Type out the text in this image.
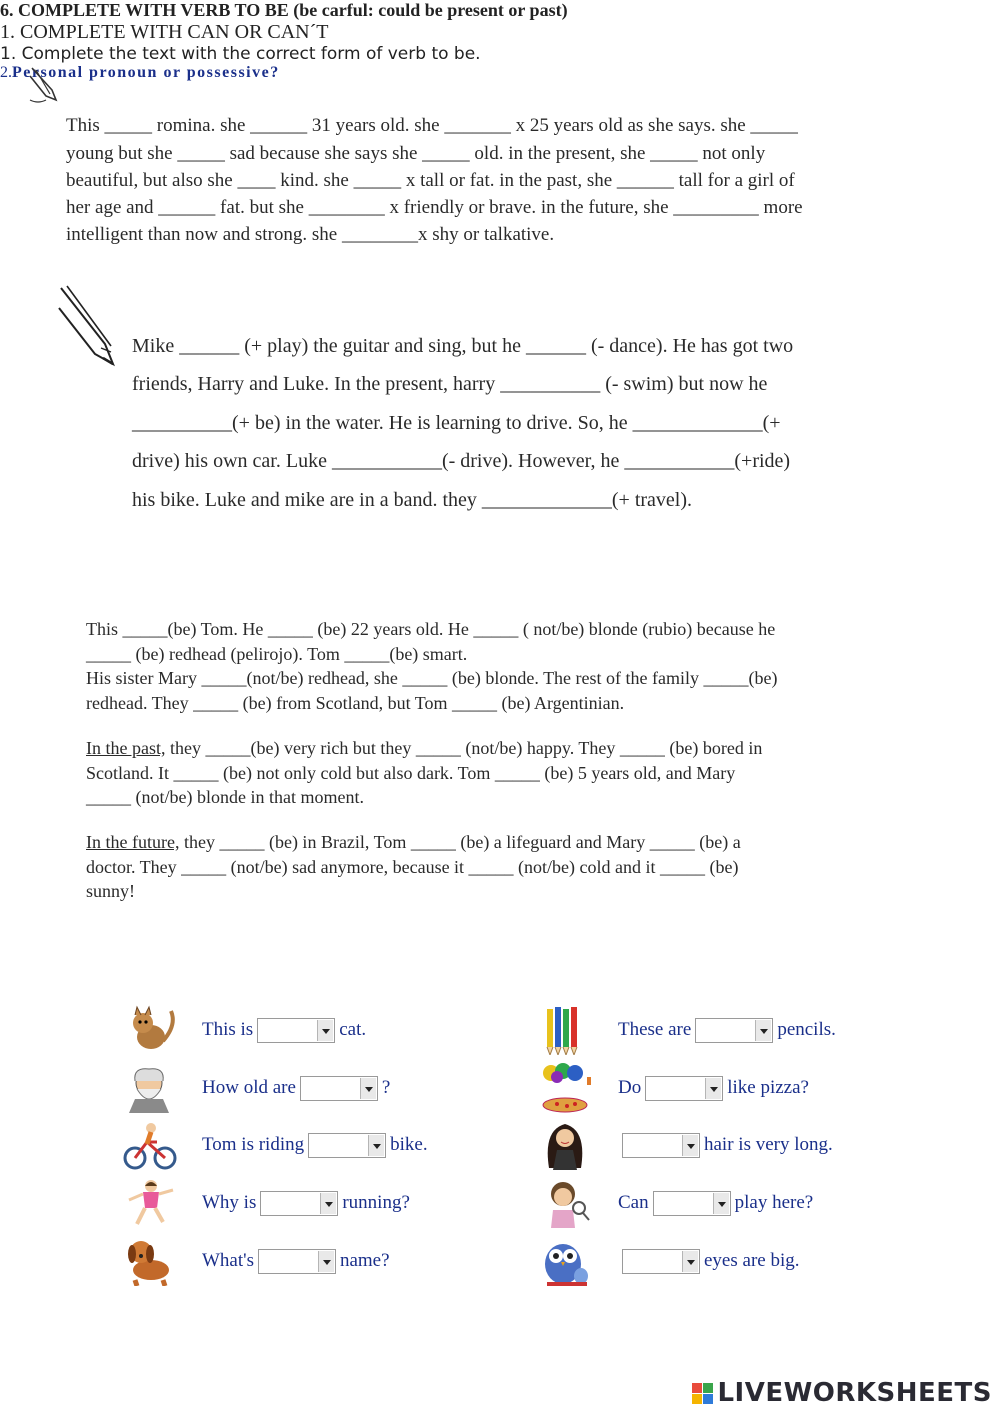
6. COMPLETE WITH VERB TO BE (be carful: could be present or past)
This _____ romina. she ______ 31 years old. she _______ x 25 years old as she says. she _____
young but she _____ sad because she says she _____ old. in the present, she _____ not only
beautiful, but also she ____ kind. she _____ x tall or fat. in the past, she ______ tall for a girl of
her age and ______ fat. but she ________ x friendly or brave. in the future, she _________ more
intelligent than now and strong. she ________x shy or talkative.
1. COMPLETE WITH CAN OR CAN´T
Mike ______ (+ play) the guitar and sing, but he ______ (- dance). He has got two
friends, Harry and Luke. In the present, harry __________ (- swim) but now he
__________(+ be) in the water. He is learning to drive. So, he _____________(+
drive) his own car. Luke ___________(- drive). However, he ___________(+ride)
his bike. Luke and mike are in a band. they _____________(+ travel).
1. Complete the text with the correct form of verb to be.
This _____(be) Tom. He _____ (be) 22 years old. He _____ ( not/be) blonde (rubio) because he
_____ (be) redhead (pelirojo). Tom _____(be) smart.
His sister Mary _____(not/be) redhead, she _____ (be) blonde. The rest of the family _____(be)
redhead. They _____ (be) from Scotland, but Tom _____ (be) Argentinian.
In the past, they _____(be) very rich but they _____ (not/be) happy. They _____ (be) bored in
Scotland. It _____ (be) not only cold but also dark. Tom _____ (be) 5 years old, and Mary
_____ (not/be) blonde in that moment.
In the future, they _____ (be) in Brazil, Tom _____ (be) a lifeguard and Mary _____ (be) a
doctor. They _____ (not/be) sad anymore, because it _____ (not/be) cold and it _____ (be)
sunny!
2.Personal pronoun or possessive?
This is	cat.
How old are	?
Tom is riding	bike.
Why is	running?
What's	name?
These are	pencils.
Do	like pizza?
hair is very long.
Can	play here?
eyes are big.
LIVEWORKSHEETS
